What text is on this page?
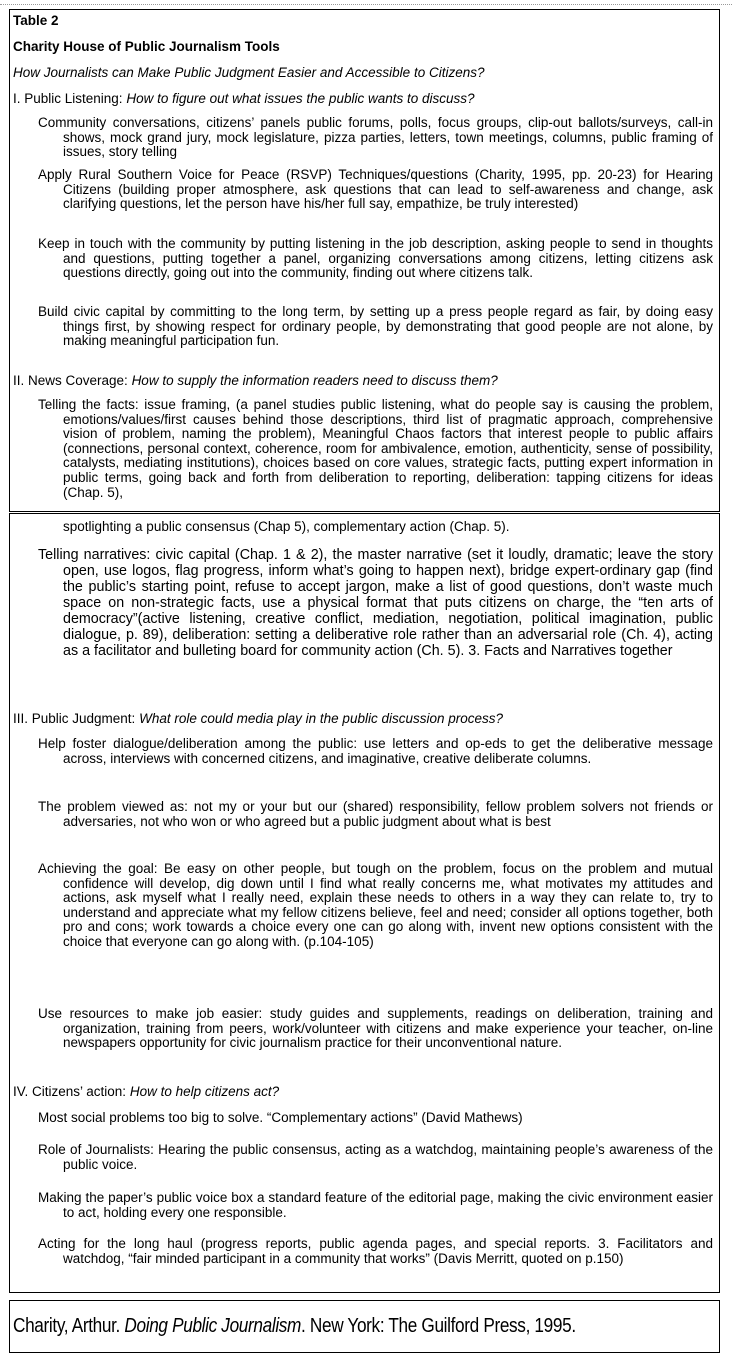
Table 2
Charity House of Public Journalism Tools
How Journalists can Make Public Judgment Easier and Accessible to Citizens?
I. Public Listening: How to figure out what issues the public wants to discuss?
Community conversations, citizens’ panels public forums, polls, focus groups, clip-out ballots/surveys, call-in shows, mock grand jury, mock legislature, pizza parties, letters, town meetings, columns, public framing of issues, story telling
Apply Rural Southern Voice for Peace (RSVP) Techniques/questions (Charity, 1995, pp. 20-23) for Hearing Citizens (building proper atmosphere, ask questions that can lead to self-awareness and change, ask clarifying questions, let the person have his/her full say, empathize, be truly interested)
Keep in touch with the community by putting listening in the job description, asking people to send in thoughts and questions, putting together a panel, organizing conversations among citizens, letting citizens ask questions directly, going out into the community, finding out where citizens talk.
Build civic capital by committing to the long term, by setting up a press people regard as fair, by doing easy things first, by showing respect for ordinary people, by demonstrating that good people are not alone, by making meaningful participation fun.
II. News Coverage: How to supply the information readers need to discuss them?
Telling the facts: issue framing, (a panel studies public listening, what do people say is causing the problem, emotions/values/first causes behind those descriptions, third list of pragmatic approach, comprehensive vision of problem, naming the problem), Meaningful Chaos factors that interest people to public affairs (connections, personal context, coherence, room for ambivalence, emotion, authenticity, sense of possibility, catalysts, mediating institutions), choices based on core values, strategic facts, putting expert information in public terms, going back and forth from deliberation to reporting, deliberation: tapping citizens for ideas (Chap. 5),
spotlighting a public consensus (Chap 5), complementary action (Chap. 5).
Telling narratives: civic capital (Chap. 1 & 2), the master narrative (set it loudly, dramatic; leave the story open, use logos, flag progress, inform what’s going to happen next), bridge expert-ordinary gap (find the public’s starting point, refuse to accept jargon, make a list of good questions, don’t waste much space on non-strategic facts, use a physical format that puts citizens on charge, the “ten arts of democracy”(active listening, creative conflict, mediation, negotiation, political imagination, public dialogue, p. 89), deliberation: setting a deliberative role rather than an adversarial role (Ch. 4), acting as a facilitator and bulleting board for community action (Ch. 5). 3. Facts and Narratives together
III. Public Judgment: What role could media play in the public discussion process?
Help foster dialogue/deliberation among the public: use letters and op-eds to get the deliberative message across, interviews with concerned citizens, and imaginative, creative deliberate columns.
The problem viewed as: not my or your but our (shared) responsibility, fellow problem solvers not friends or adversaries, not who won or who agreed but a public judgment about what is best
Achieving the goal: Be easy on other people, but tough on the problem, focus on the problem and mutual confidence will develop, dig down until I find what really concerns me, what motivates my attitudes and actions, ask myself what I really need, explain these needs to others in a way they can relate to, try to understand and appreciate what my fellow citizens believe, feel and need; consider all options together, both pro and cons; work towards a choice every one can go along with, invent new options consistent with the choice that everyone can go along with. (p.104-105)
Use resources to make job easier: study guides and supplements, readings on deliberation, training and organization, training from peers, work/volunteer with citizens and make experience your teacher, on-line newspapers opportunity for civic journalism practice for their unconventional nature.
IV. Citizens’ action: How to help citizens act?
Most social problems too big to solve. “Complementary actions” (David Mathews)
Role of Journalists: Hearing the public consensus, acting as a watchdog, maintaining people’s awareness of the public voice.
Making the paper’s public voice box a standard feature of the editorial page, making the civic environment easier to act, holding every one responsible.
Acting for the long haul (progress reports, public agenda pages, and special reports. 3. Facilitators and watchdog, “fair minded participant in a community that works” (Davis Merritt, quoted on p.150)
Charity, Arthur. Doing Public Journalism. New York: The Guilford Press, 1995.
